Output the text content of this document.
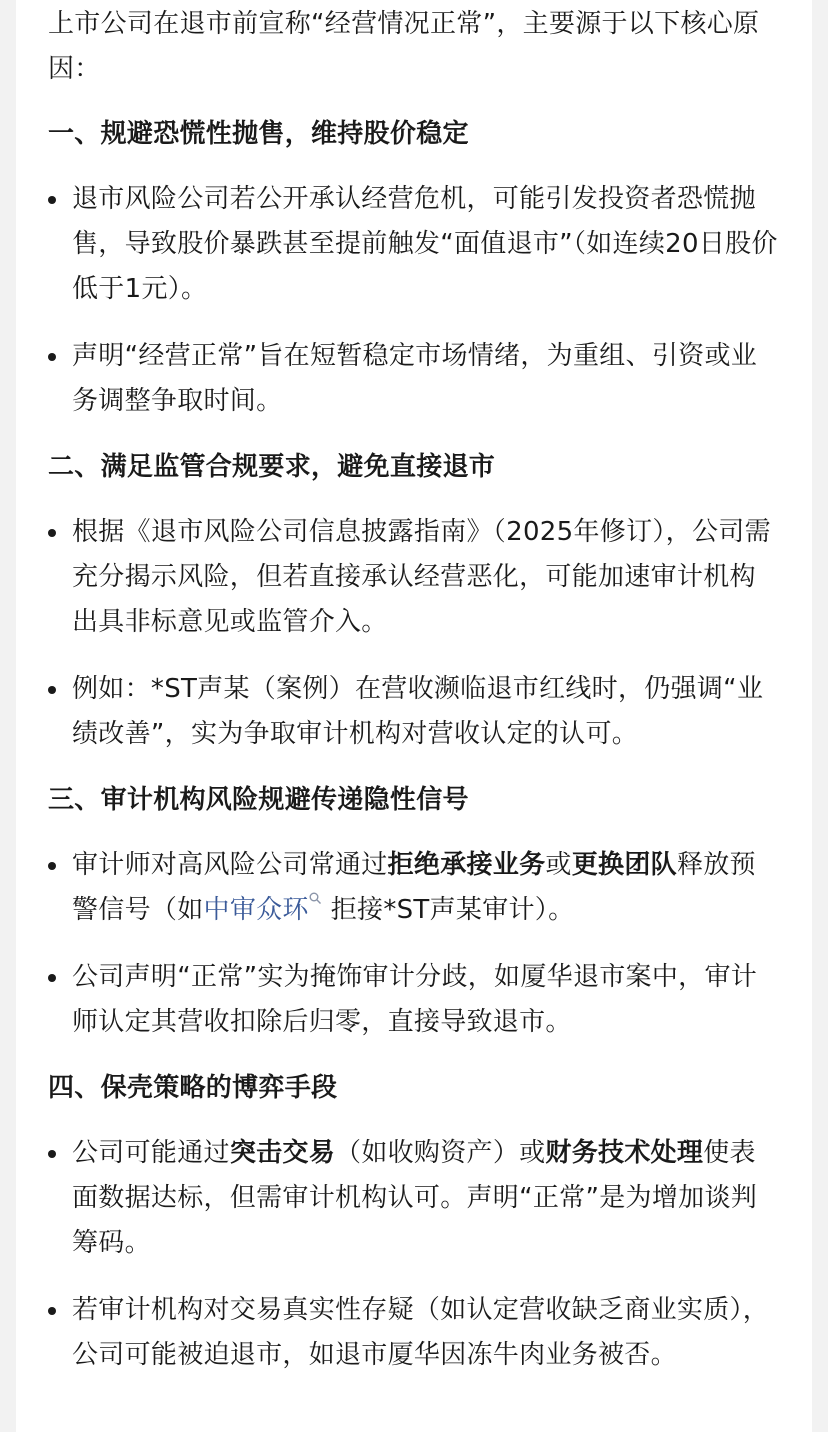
上市公司在退市前宣称“经营情况正常”，主要源于以下核心原因：

一、规避恐慌性抛售，维持股价稳定
退市风险公司若公开承认经营危机，可能引发投资者恐慌抛售，导致股价暴跌甚至提前触发“面值退市”（如连续20日股价低于1元）。
声明“经营正常”旨在短暂稳定市场情绪，为重组、引资或业务调整争取时间。
二、满足监管合规要求，避免直接退市
根据《退市风险公司信息披露指南》（2025年修订），公司需充分揭示风险，但若直接承认经营恶化，可能加速审计机构出具非标意见或监管介入。
例如：*ST声某（案例）在营收濒临退市红线时，仍强调“业绩改善”，实为争取审计机构对营收认定的认可。
三、审计机构风险规避传递隐性信号
审计师对高风险公司常通过拒绝承接业务或更换团队释放预警信号（如中审众环 拒接*ST声某审计）。
公司声明“正常”实为掩饰审计分歧，如厦华退市案中，审计师认定其营收扣除后归零，直接导致退市。
四、保壳策略的博弈手段
公司可能通过突击交易（如收购资产）或财务技术处理使表面数据达标，但需审计机构认可。声明“正常”是为增加谈判筹码。
若审计机构对交易真实性存疑（如认定营收缺乏商业实质），公司可能被迫退市，如退市厦华因冻牛肉业务被否。
